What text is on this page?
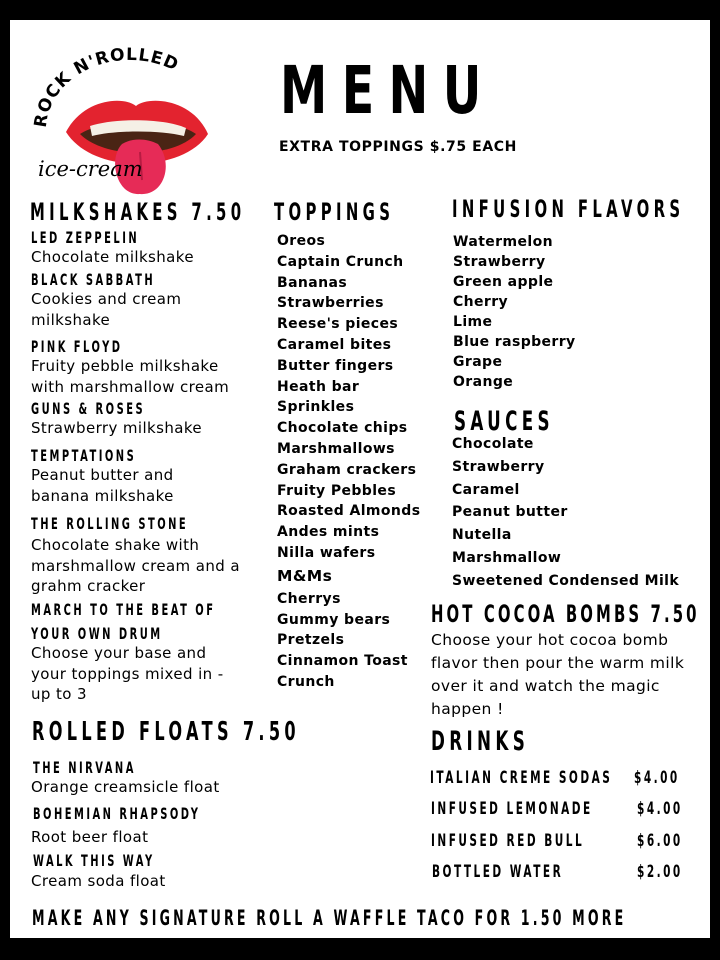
ROCK N'ROLLED
ice-cream
MENU
EXTRA TOPPINGS $.75 EACH
MILKSHAKES 7.50
LED ZEPPELIN
Chocolate milkshake
BLACK SABBATH
Cookies and cream milkshake
PINK FLOYD
Fruity pebble milkshake with marshmallow cream
GUNS & ROSES
Strawberry milkshake
TEMPTATIONS
Peanut butter and banana milkshake
THE ROLLING STONE
Chocolate shake with marshmallow cream and a grahm cracker
MARCH TO THE BEAT OF
YOUR OWN DRUM
Choose your base and your toppings mixed in -up to 3
ROLLED FLOATS 7.50
THE NIRVANA
Orange creamsicle float
BOHEMIAN RHAPSODY
Root beer float
WALK THIS WAY
Cream soda float
TOPPINGS
Oreos
Captain Crunch
Bananas
Strawberries
Reese's pieces
Caramel bites
Butter fingers
Heath bar
Sprinkles
Chocolate chips
Marshmallows
Graham crackers
Fruity Pebbles
Roasted Almonds
Andes mints
Nilla wafers
M&Ms
Cherrys
Gummy bears
Pretzels
Cinnamon Toast
Crunch
INFUSION FLAVORS
Watermelon
Strawberry
Green apple
Cherry
Lime
Blue raspberry
Grape
Orange
SAUCES
Chocolate
Strawberry
Caramel
Peanut butter
Nutella
Marshmallow
Sweetened Condensed Milk
HOT COCOA BOMBS 7.50
Choose your hot cocoa bomb flavor then pour the warm milk over it and watch the magic happen !
DRINKS
ITALIAN CREME SODAS	$4.00
INFUSED LEMONADE	$4.00
INFUSED RED BULL	$6.00
BOTTLED WATER	$2.00
MAKE ANY SIGNATURE ROLL A WAFFLE TACO FOR 1.50 MORE
